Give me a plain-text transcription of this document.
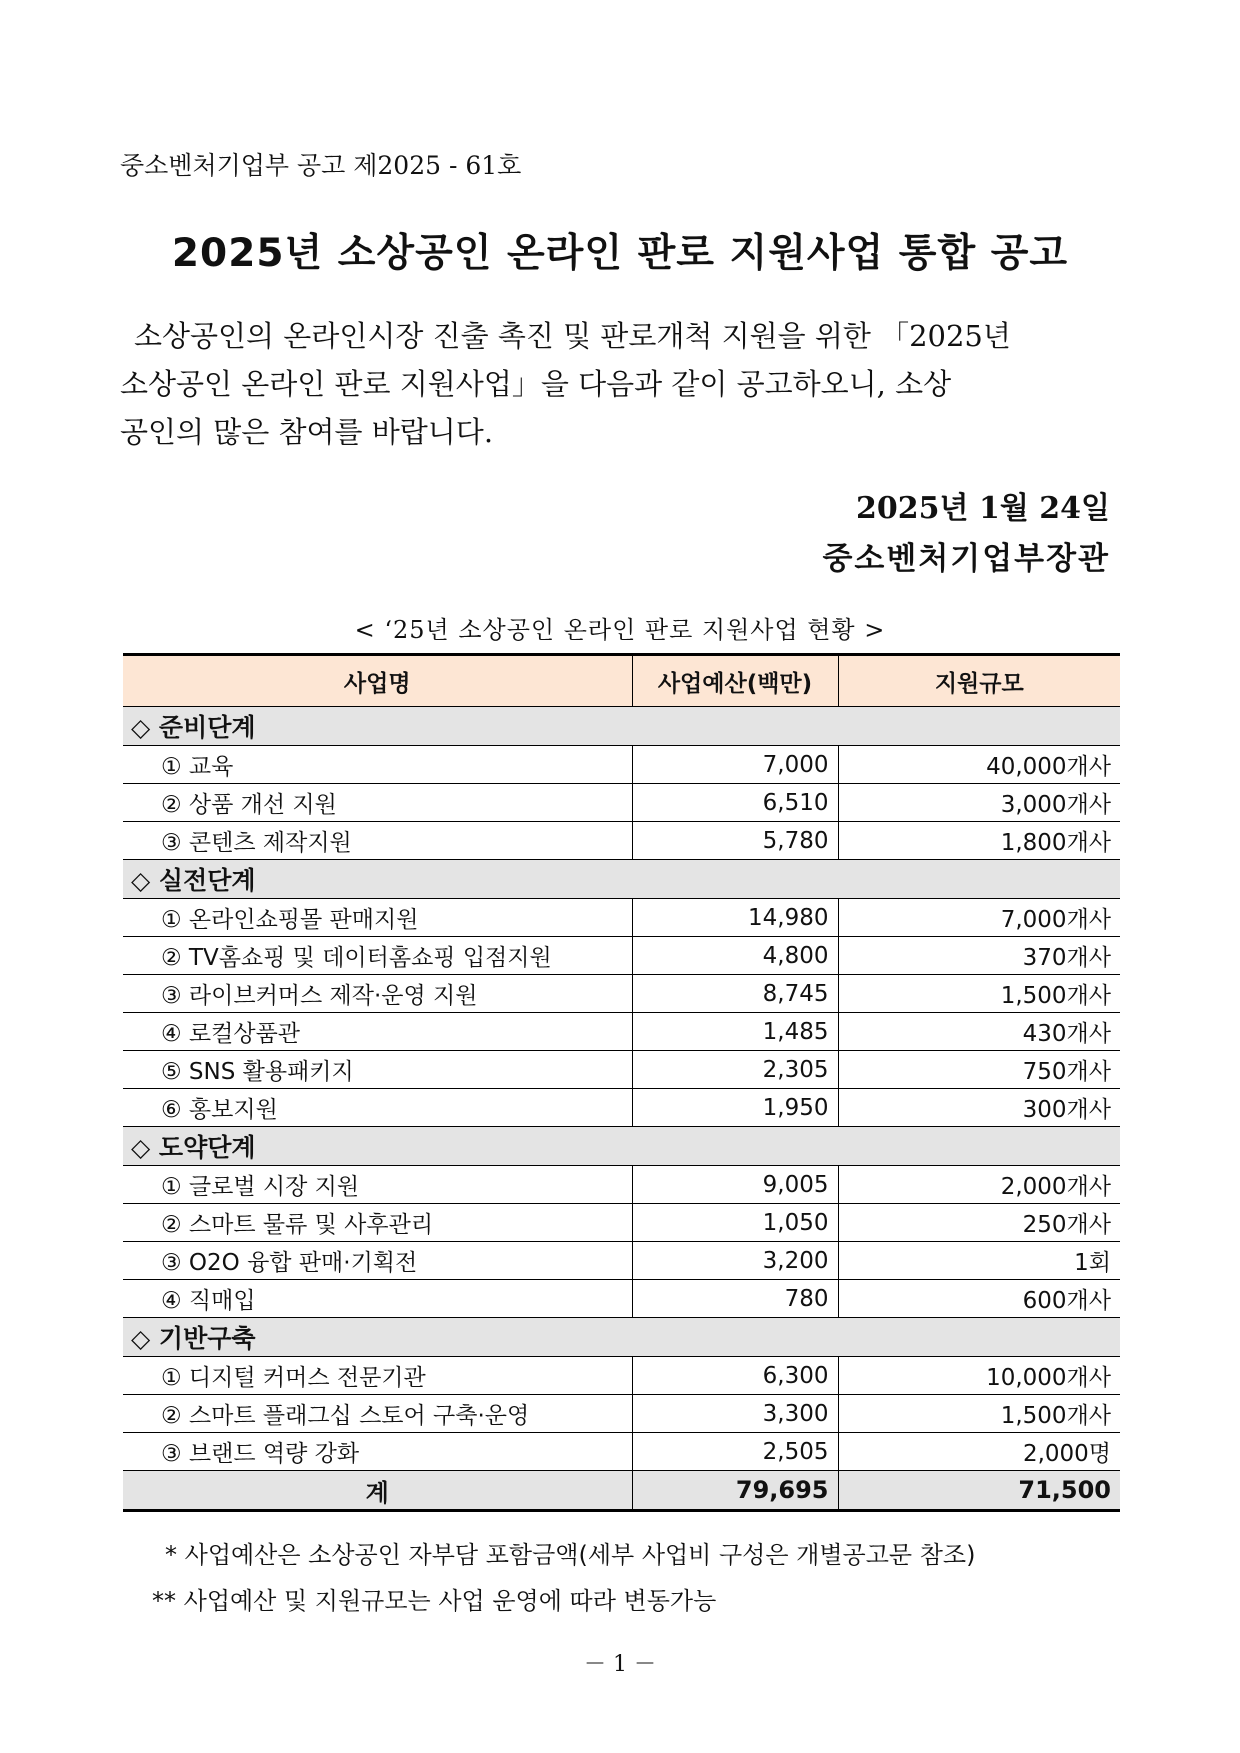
중소벤처기업부 공고 제2025 - 61호
2025년 소상공인 온라인 판로 지원사업 통합 공고
소상공인의 온라인시장 진출 촉진 및 판로개척 지원을 위한 「2025년
소상공인 온라인 판로 지원사업」을 다음과 같이 공고하오니, 소상
공인의 많은 참여를 바랍니다.
2025년 1월 24일
중소벤처기업부장관
< ‘25년 소상공인 온라인 판로 지원사업 현황 >
사업명	사업예산(백만)	지원규모
◇ 준비단계		
① 교육	7,000	40,000개사
② 상품 개선 지원	6,510	3,000개사
③ 콘텐츠 제작지원	5,780	1,800개사
◇ 실전단계		
① 온라인쇼핑몰 판매지원	14,980	7,000개사
② TV홈쇼핑 및 데이터홈쇼핑 입점지원	4,800	370개사
③ 라이브커머스 제작·운영 지원	8,745	1,500개사
④ 로컬상품관	1,485	430개사
⑤ SNS 활용패키지	2,305	750개사
⑥ 홍보지원	1,950	300개사
◇ 도약단계		
① 글로벌 시장 지원	9,005	2,000개사
② 스마트 물류 및 사후관리	1,050	250개사
③ O2O 융합 판매·기획전	3,200	1회
④ 직매입	780	600개사
◇ 기반구축		
① 디지털 커머스 전문기관	6,300	10,000개사
② 스마트 플래그십 스토어 구축·운영	3,300	1,500개사
③ 브랜드 역량 강화	2,505	2,000명
계	79,695	71,500
* 사업예산은 소상공인 자부담 포함금액(세부 사업비 구성은 개별공고문 참조)
** 사업예산 및 지원규모는 사업 운영에 따라 변동가능
－ 1 －
